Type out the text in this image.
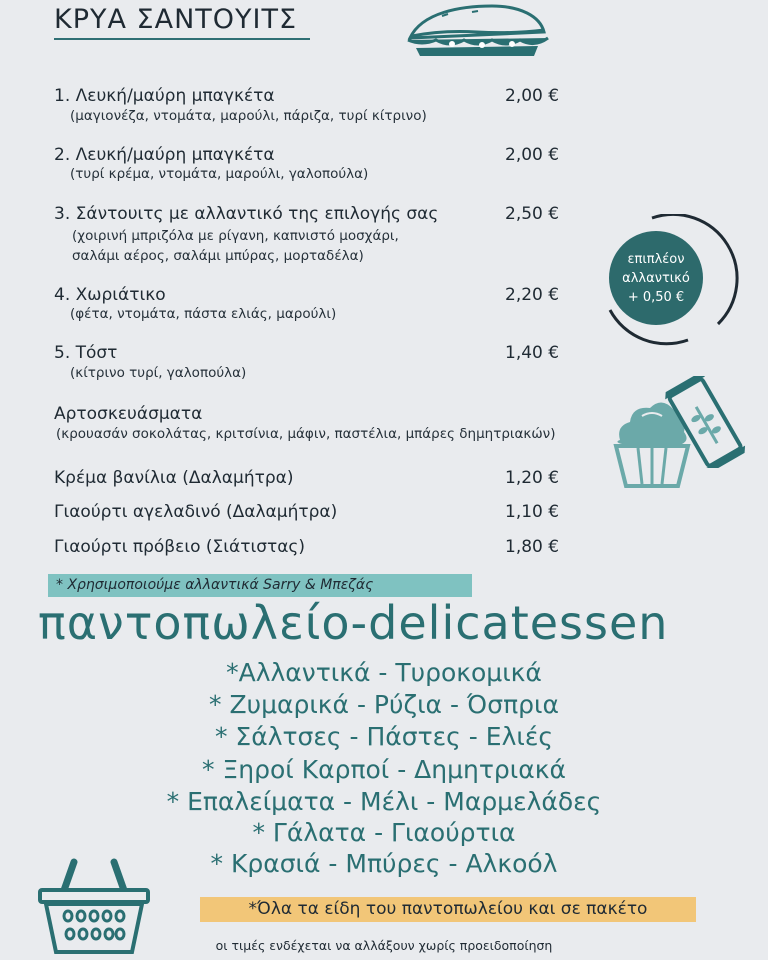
ΚΡΥΑ ΣΑΝΤΟΥΙΤΣ
1. Λευκή/μαύρη μπαγκέτα
(μαγιονέζα, ντομάτα, μαρούλι, πάριζα, τυρί κίτρινο)
2,00 €
2. Λευκή/μαύρη μπαγκέτα
(τυρί κρέμα, ντομάτα, μαρούλι, γαλοπούλα)
2,00 €
3. Σάντουιτς με αλλαντικό της επιλογής σας
(χοιρινή μπριζόλα με ρίγανη, καπνιστό μοσχάρι,
σαλάμι αέρος, σαλάμι μπύρας, μορταδέλα)
2,50 €
4. Χωριάτικο
(φέτα, ντομάτα, πάστα ελιάς, μαρούλι)
2,20 €
5. Τόστ
(κίτρινο τυρί, γαλοπούλα)
1,40 €
επιπλέον
αλλαντικό
+ 0,50 €
Αρτοσκευάσματα
(κρουασάν σοκολάτας, κριτσίνια, μάφιν, παστέλια, μπάρες δημητριακών)
Κρέμα βανίλια (Δαλαμήτρα)	1,20 €
Γιαούρτι αγελαδινό (Δαλαμήτρα)	1,10 €
Γιαούρτι πρόβειο (Σιάτιστας)	1,80 €
* Χρησιμοποιούμε αλλαντικά Sarry & Μπεζάς
παντοπωλείο-delicatessen
*Αλλαντικά - Τυροκομικά
* Ζυμαρικά - Ρύζια - Όσπρια
* Σάλτσες - Πάστες - Ελιές
* Ξηροί Καρποί - Δημητριακά
* Επαλείματα - Μέλι - Μαρμελάδες
* Γάλατα - Γιαούρτια
* Κρασιά - Μπύρες - Αλκοόλ
*Όλα τα είδη του παντοπωλείου και σε πακέτο
οι τιμές ενδέχεται να αλλάξουν χωρίς προειδοποίηση
